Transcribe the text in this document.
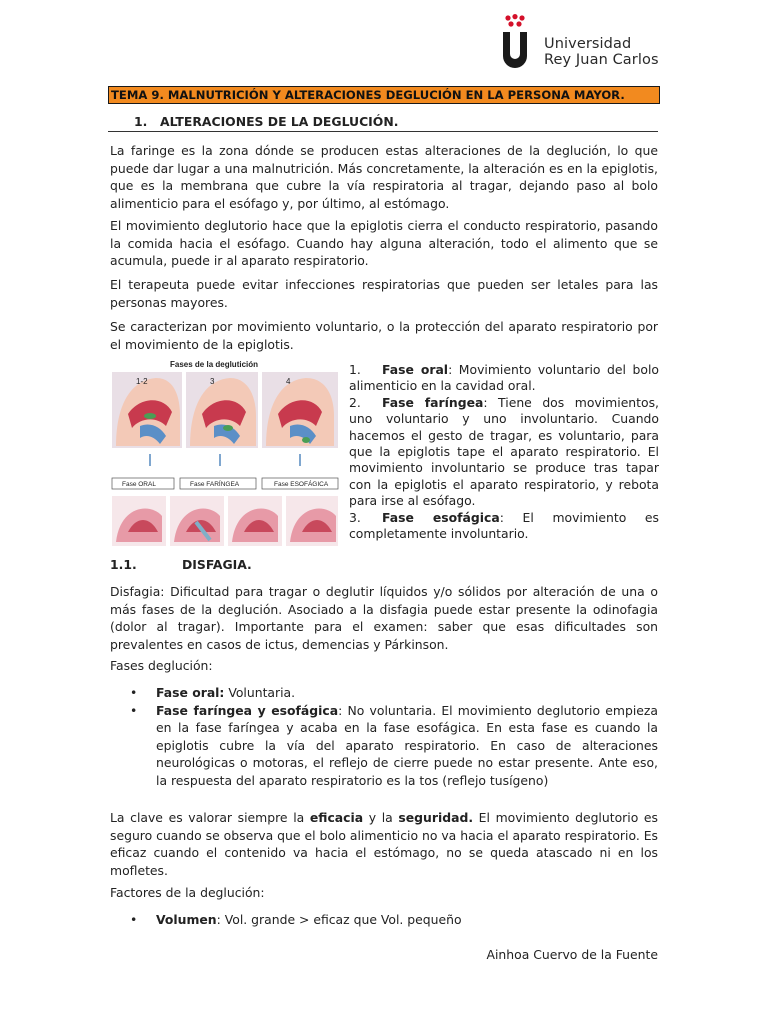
Universidad
Rey Juan Carlos
TEMA 9. MALNUTRICIÓN Y ALTERACIONES DEGLUCIÓN EN LA PERSONA MAYOR.
1. ALTERACIONES DE LA DEGLUCIÓN.

La faringe es la zona dónde se producen estas alteraciones de la deglución, lo que puede dar lugar a una malnutrición. Más concretamente, la alteración es en la epiglotis, que es la membrana que cubre la vía respiratoria al tragar, dejando paso al bolo alimenticio para el esófago y, por último, al estómago.

El movimiento deglutorio hace que la epiglotis cierra el conducto respiratorio, pasando la comida hacia el esófago. Cuando hay alguna alteración, todo el alimento que se acumula, puede ir al aparato respiratorio.

El terapeuta puede evitar infecciones respiratorias que pueden ser letales para las personas mayores.

Se caracterizan por movimiento voluntario, o la protección del aparato respiratorio por el movimiento de la epiglotis.

Fases de la deglutición
1-2	3	4
Fase ORAL	Fase FARÍNGEA	Fase ESOFÁGICA
1. Fase oral: Movimiento voluntario del bolo alimenticio en la cavidad oral.
2. Fase faríngea: Tiene dos movimientos, uno voluntario y uno involuntario. Cuando hacemos el gesto de tragar, es voluntario, para que la epiglotis tape el aparato respiratorio. El movimiento involuntario se produce tras tapar con la epiglotis el aparato respiratorio, y rebota para irse al esófago.
3. Fase esofágica: El movimiento es completamente involuntario.
1.1.	DISFAGIA.

Disfagia: Dificultad para tragar o deglutir líquidos y/o sólidos por alteración de una o más fases de la deglución. Asociado a la disfagia puede estar presente la odinofagia (dolor al tragar). Importante para el examen: saber que esas dificultades son prevalentes en casos de ictus, demencias y Párkinson.

Fases deglución:

• Fase oral: Voluntaria.
• Fase faríngea y esofágica: No voluntaria. El movimiento deglutorio empieza en la fase faríngea y acaba en la fase esofágica. En esta fase es cuando la epiglotis cubre la vía del aparato respiratorio. En caso de alteraciones neurológicas o motoras, el reflejo de cierre puede no estar presente. Ante eso, la respuesta del aparato respiratorio es la tos (reflejo tusígeno)

La clave es valorar siempre la eficacia y la seguridad. El movimiento deglutorio es seguro cuando se observa que el bolo alimenticio no va hacia el aparato respiratorio. Es eficaz cuando el contenido va hacia el estómago, no se queda atascado ni en los mofletes.

Factores de la deglución:

• Volumen: Vol. grande > eficaz que Vol. pequeño
Ainhoa Cuervo de la Fuente
